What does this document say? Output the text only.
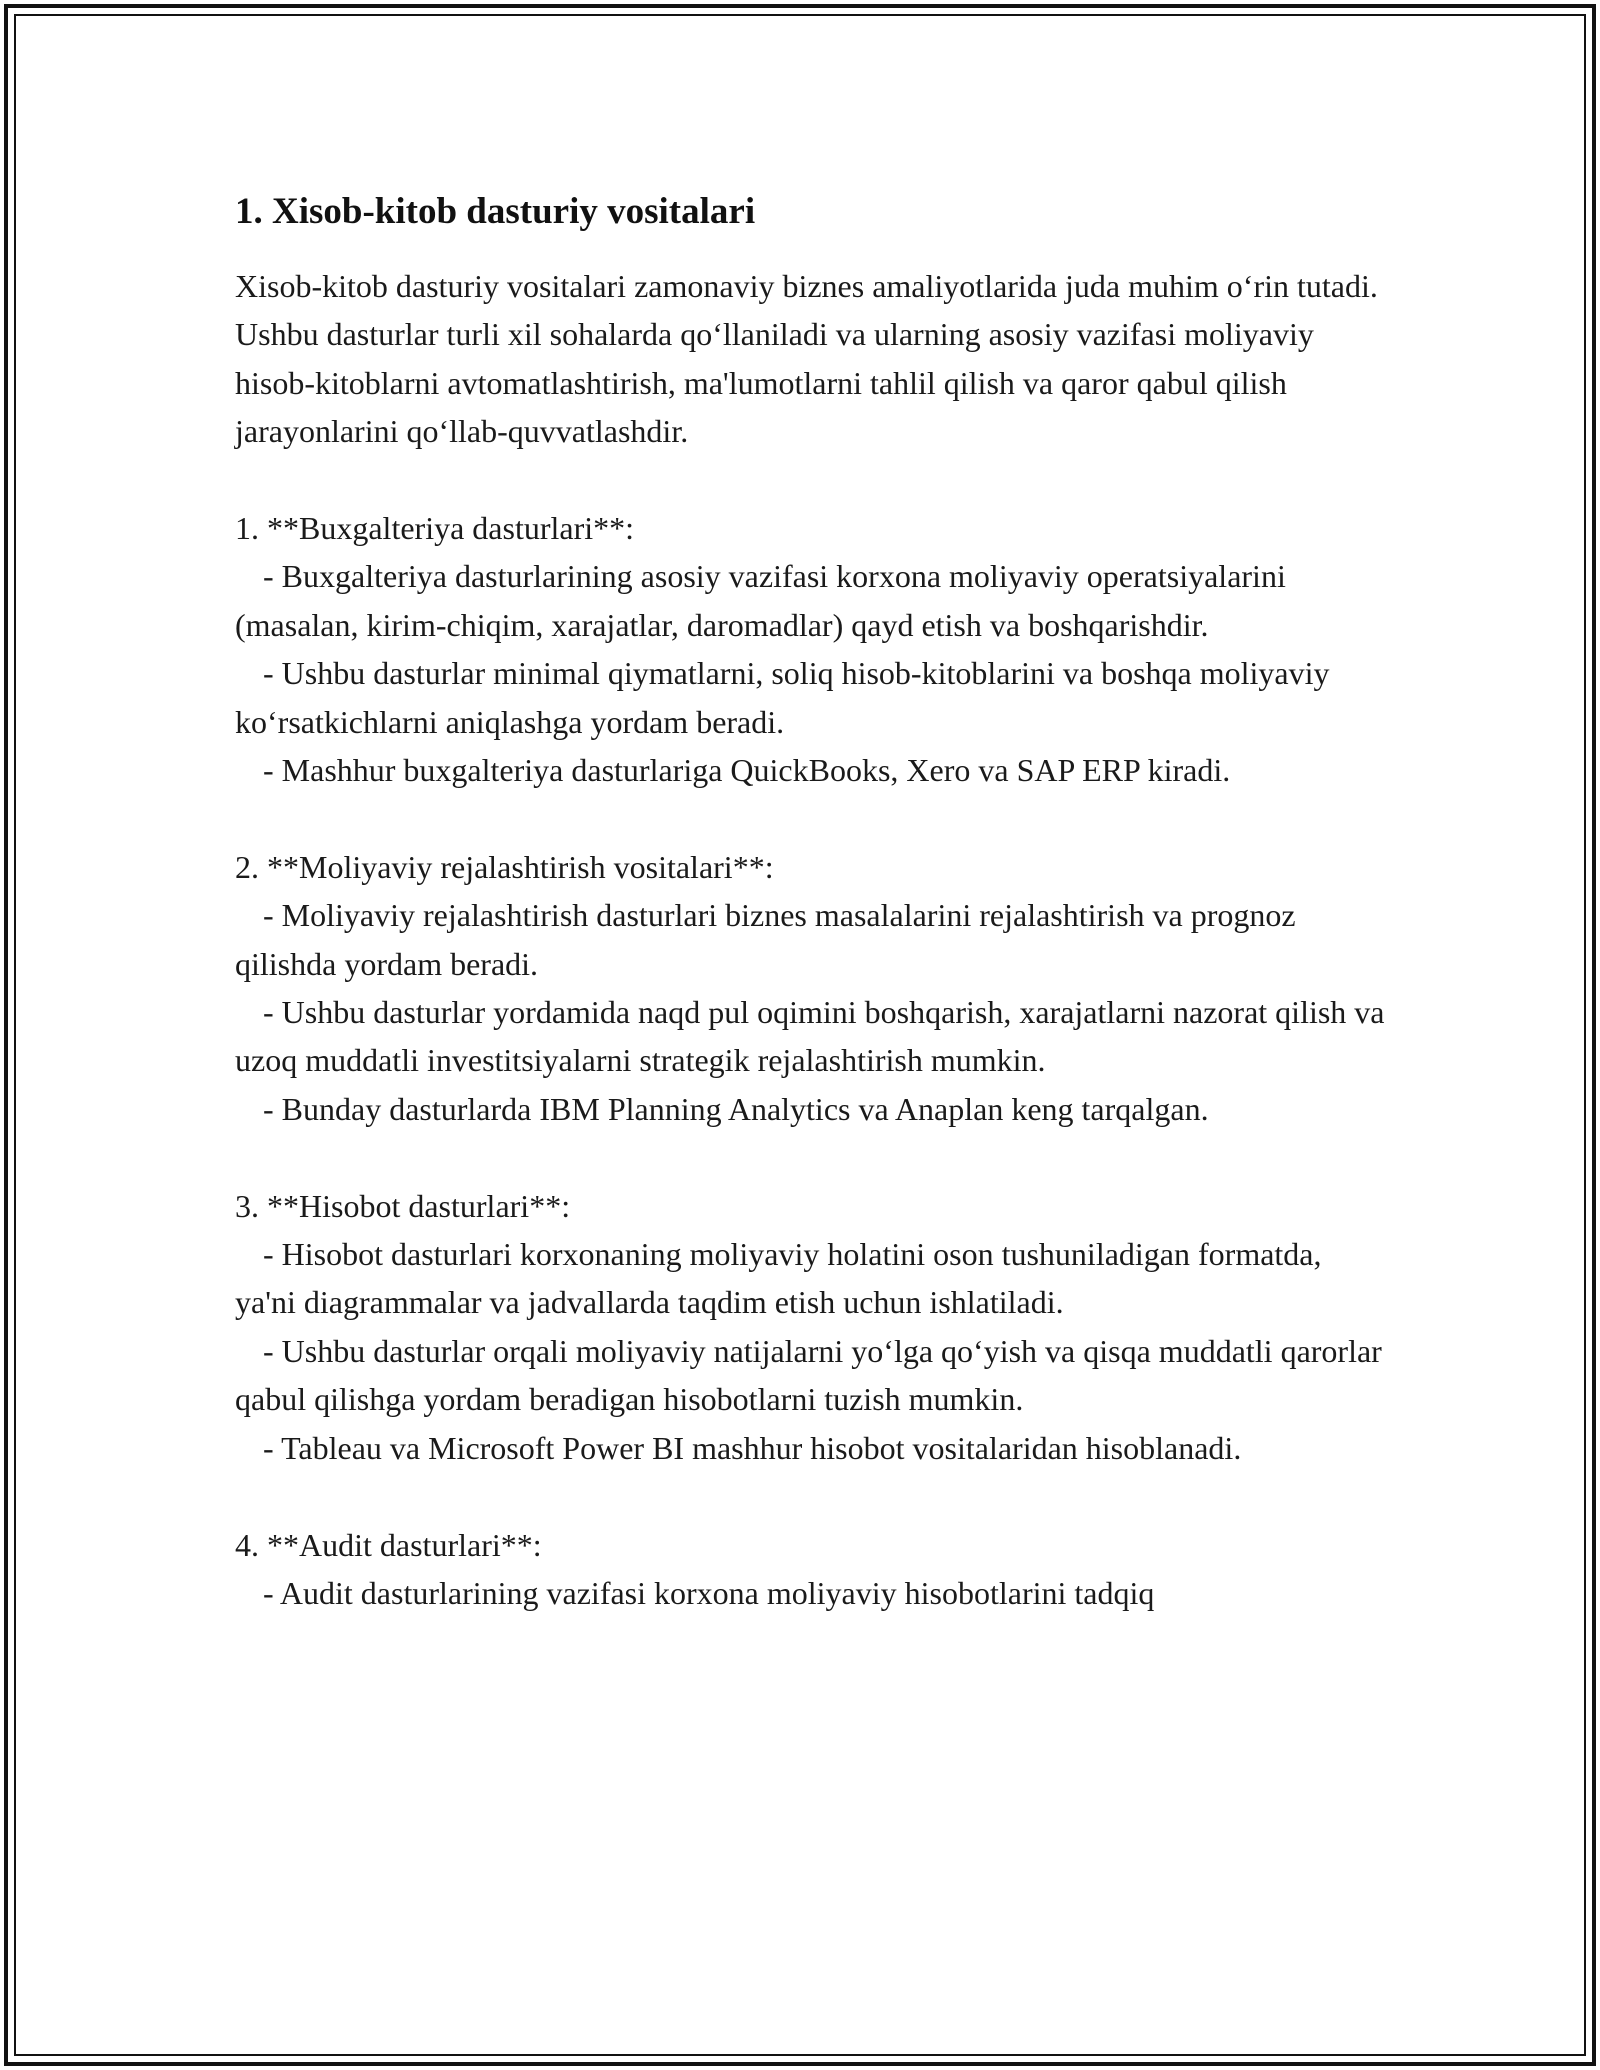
1. Xisob-kitob dasturiy vositalari

Xisob-kitob dasturiy vositalari zamonaviy biznes amaliyotlarida juda muhim o‘rin tutadi. Ushbu dasturlar turli xil sohalarda qo‘llaniladi va ularning asosiy vazifasi moliyaviy hisob-kitoblarni avtomatlashtirish, ma'lumotlarni tahlil qilish va qaror qabul qilish jarayonlarini qo‘llab-quvvatlashdir.

1. **Buxgalteriya dasturlari**:

- Buxgalteriya dasturlarining asosiy vazifasi korxona moliyaviy operatsiyalarini (masalan, kirim-chiqim, xarajatlar, daromadlar) qayd etish va boshqarishdir.

- Ushbu dasturlar minimal qiymatlarni, soliq hisob-kitoblarini va boshqa moliyaviy ko‘rsatkichlarni aniqlashga yordam beradi.

- Mashhur buxgalteriya dasturlariga QuickBooks, Xero va SAP ERP kiradi.

2. **Moliyaviy rejalashtirish vositalari**:

- Moliyaviy rejalashtirish dasturlari biznes masalalarini rejalashtirish va prognoz qilishda yordam beradi.

- Ushbu dasturlar yordamida naqd pul oqimini boshqarish, xarajatlarni nazorat qilish va uzoq muddatli investitsiyalarni strategik rejalashtirish mumkin.

- Bunday dasturlarda IBM Planning Analytics va Anaplan keng tarqalgan.

3. **Hisobot dasturlari**:

- Hisobot dasturlari korxonaning moliyaviy holatini oson tushuniladigan formatda, ya'ni diagrammalar va jadvallarda taqdim etish uchun ishlatiladi.

- Ushbu dasturlar orqali moliyaviy natijalarni yo‘lga qo‘yish va qisqa muddatli qarorlar qabul qilishga yordam beradigan hisobotlarni tuzish mumkin.

- Tableau va Microsoft Power BI mashhur hisobot vositalaridan hisoblanadi.

4. **Audit dasturlari**:

- Audit dasturlarining vazifasi korxona moliyaviy hisobotlarini tadqiq
